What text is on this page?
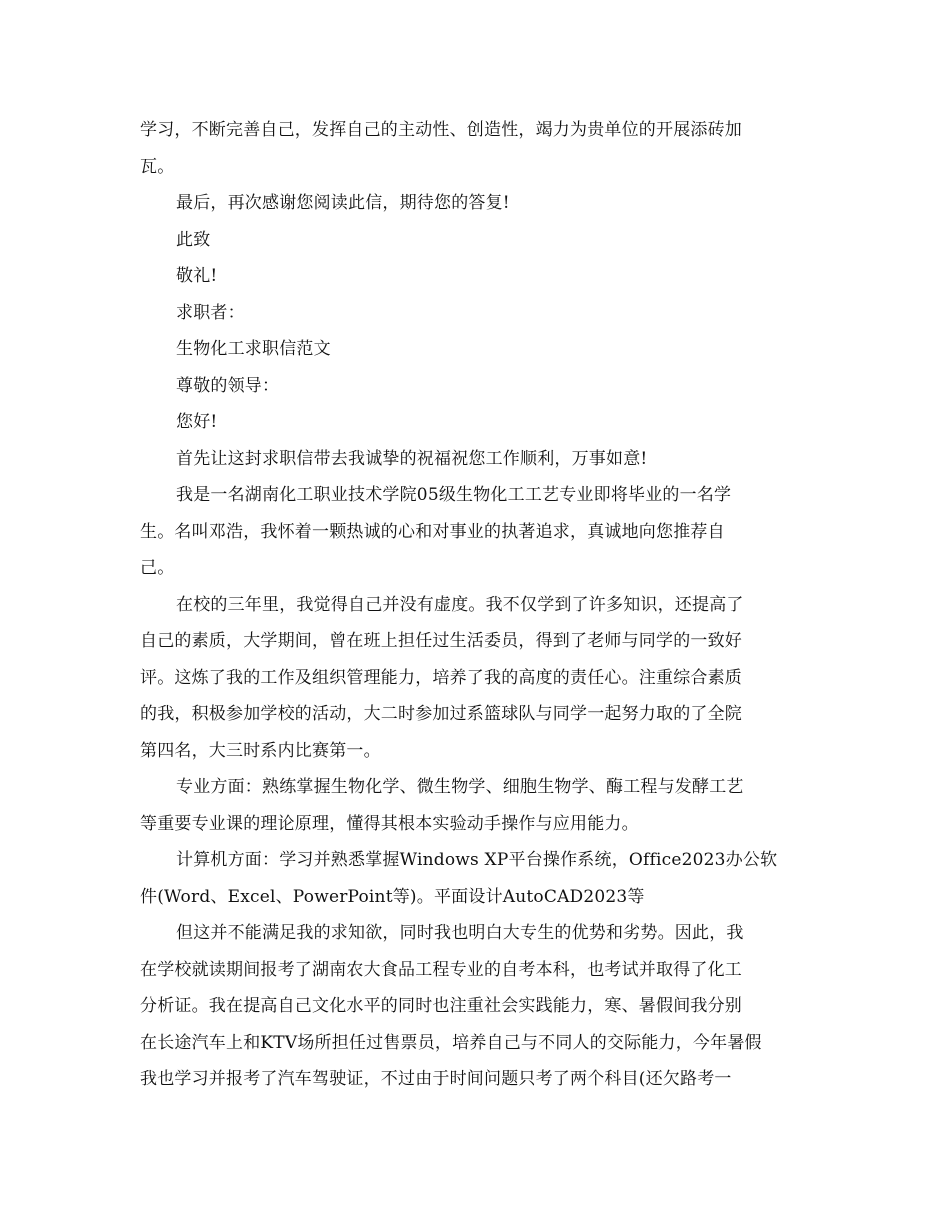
学习，不断完善自己，发挥自己的主动性、创造性，竭力为贵单位的开展添砖加
瓦。
最后，再次感谢您阅读此信，期待您的答复!
此致
敬礼!
求职者：
生物化工求职信范文
尊敬的领导：
您好!
首先让这封求职信带去我诚挚的祝福祝您工作顺利，万事如意!
我是一名湖南化工职业技术学院05级生物化工工艺专业即将毕业的一名学
生。名叫邓浩，我怀着一颗热诚的心和对事业的执著追求，真诚地向您推荐自
己。
在校的三年里，我觉得自己并没有虚度。我不仅学到了许多知识，还提高了
自己的素质，大学期间，曾在班上担任过生活委员，得到了老师与同学的一致好
评。这炼了我的工作及组织管理能力，培养了我的高度的责任心。注重综合素质
的我，积极参加学校的活动，大二时参加过系篮球队与同学一起努力取的了全院
第四名，大三时系内比赛第一。
专业方面：熟练掌握生物化学、微生物学、细胞生物学、酶工程与发酵工艺
等重要专业课的理论原理，懂得其根本实验动手操作与应用能力。
计算机方面：学习并熟悉掌握Windows XP平台操作系统，Office2023办公软
件(Word、Excel、PowerPoint等)。平面设计AutoCAD2023等
但这并不能满足我的求知欲，同时我也明白大专生的优势和劣势。因此，我
在学校就读期间报考了湖南农大食品工程专业的自考本科，也考试并取得了化工
分析证。我在提高自己文化水平的同时也注重社会实践能力，寒、暑假间我分别
在长途汽车上和KTV场所担任过售票员，培养自己与不同人的交际能力，今年暑假
我也学习并报考了汽车驾驶证，不过由于时间问题只考了两个科目(还欠路考一
